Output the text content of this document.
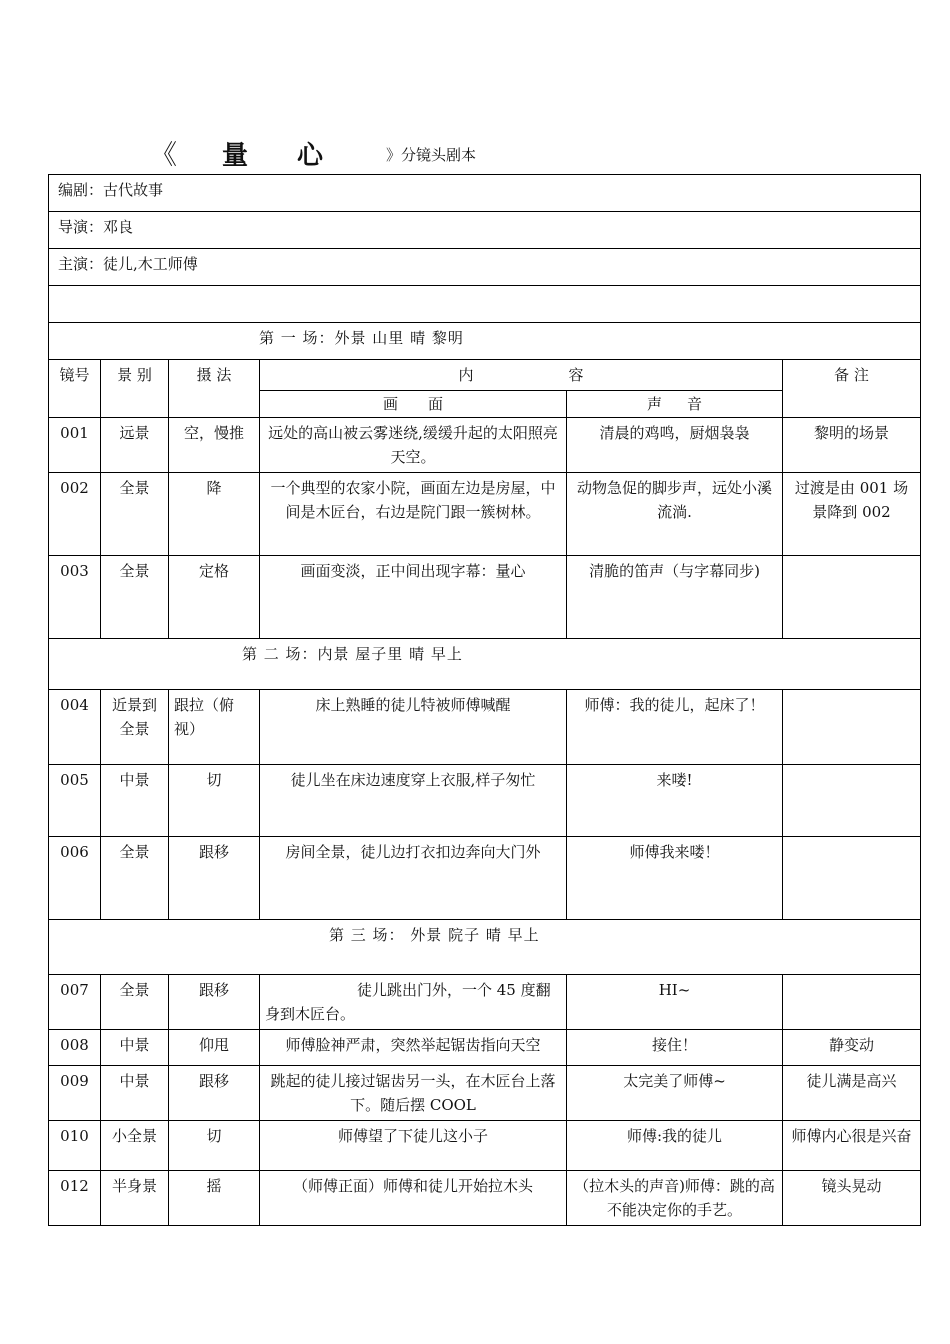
《 量 心	》分镜头剧本
编剧：古代故事					
导演：邓良					
主演：徒儿,木工师傅					

第 一 场：外景 山里 晴 黎明					
镜号	景 别	摄 法	内 容		备 注
			画 面	声 音	
001	远景	空，慢推	远处的高山被云雾迷绕,缓缓升起的太阳照亮天空。	清晨的鸡鸣，厨烟袅袅	黎明的场景
002	全景	降	一个典型的农家小院，画面左边是房屋，中间是木匠台，右边是院门跟一簇树林。	动物急促的脚步声，远处小溪流淌.	过渡是由 001 场景降到 002
003	全景	定格	画面变淡，正中间出现字幕：量心	清脆的笛声（与字幕同步)	
第 二 场：内景 屋子里 晴 早上					
004	近景到全景	跟拉（俯视）	床上熟睡的徒儿特被师傅喊醒	师傅：我的徒儿，起床了！	
005	中景	切	徒儿坐在床边速度穿上衣服,样子匆忙	来喽!	
006	全景	跟移	房间全景，徒儿边打衣扣边奔向大门外	师傅我来喽！	
第 三 场： 外景 院子 晴 早上					
007	全景	跟移	徒儿跳出门外，一个 45 度翻身到木匠台。	HI~	
008	中景	仰甩	师傅脸神严肃，突然举起锯齿指向天空	接住！	静变动
009	中景	跟移	跳起的徒儿接过锯齿另一头，在木匠台上落下。随后摆 COOL	太完美了师傅~	徒儿满是高兴
010	小全景	切	师傅望了下徒儿这小子	师傅:我的徒儿	师傅内心很是兴奋
012	半身景	摇	（师傅正面）师傅和徒儿开始拉木头	（拉木头的声音)师傅：跳的高不能决定你的手艺。	镜头晃动
